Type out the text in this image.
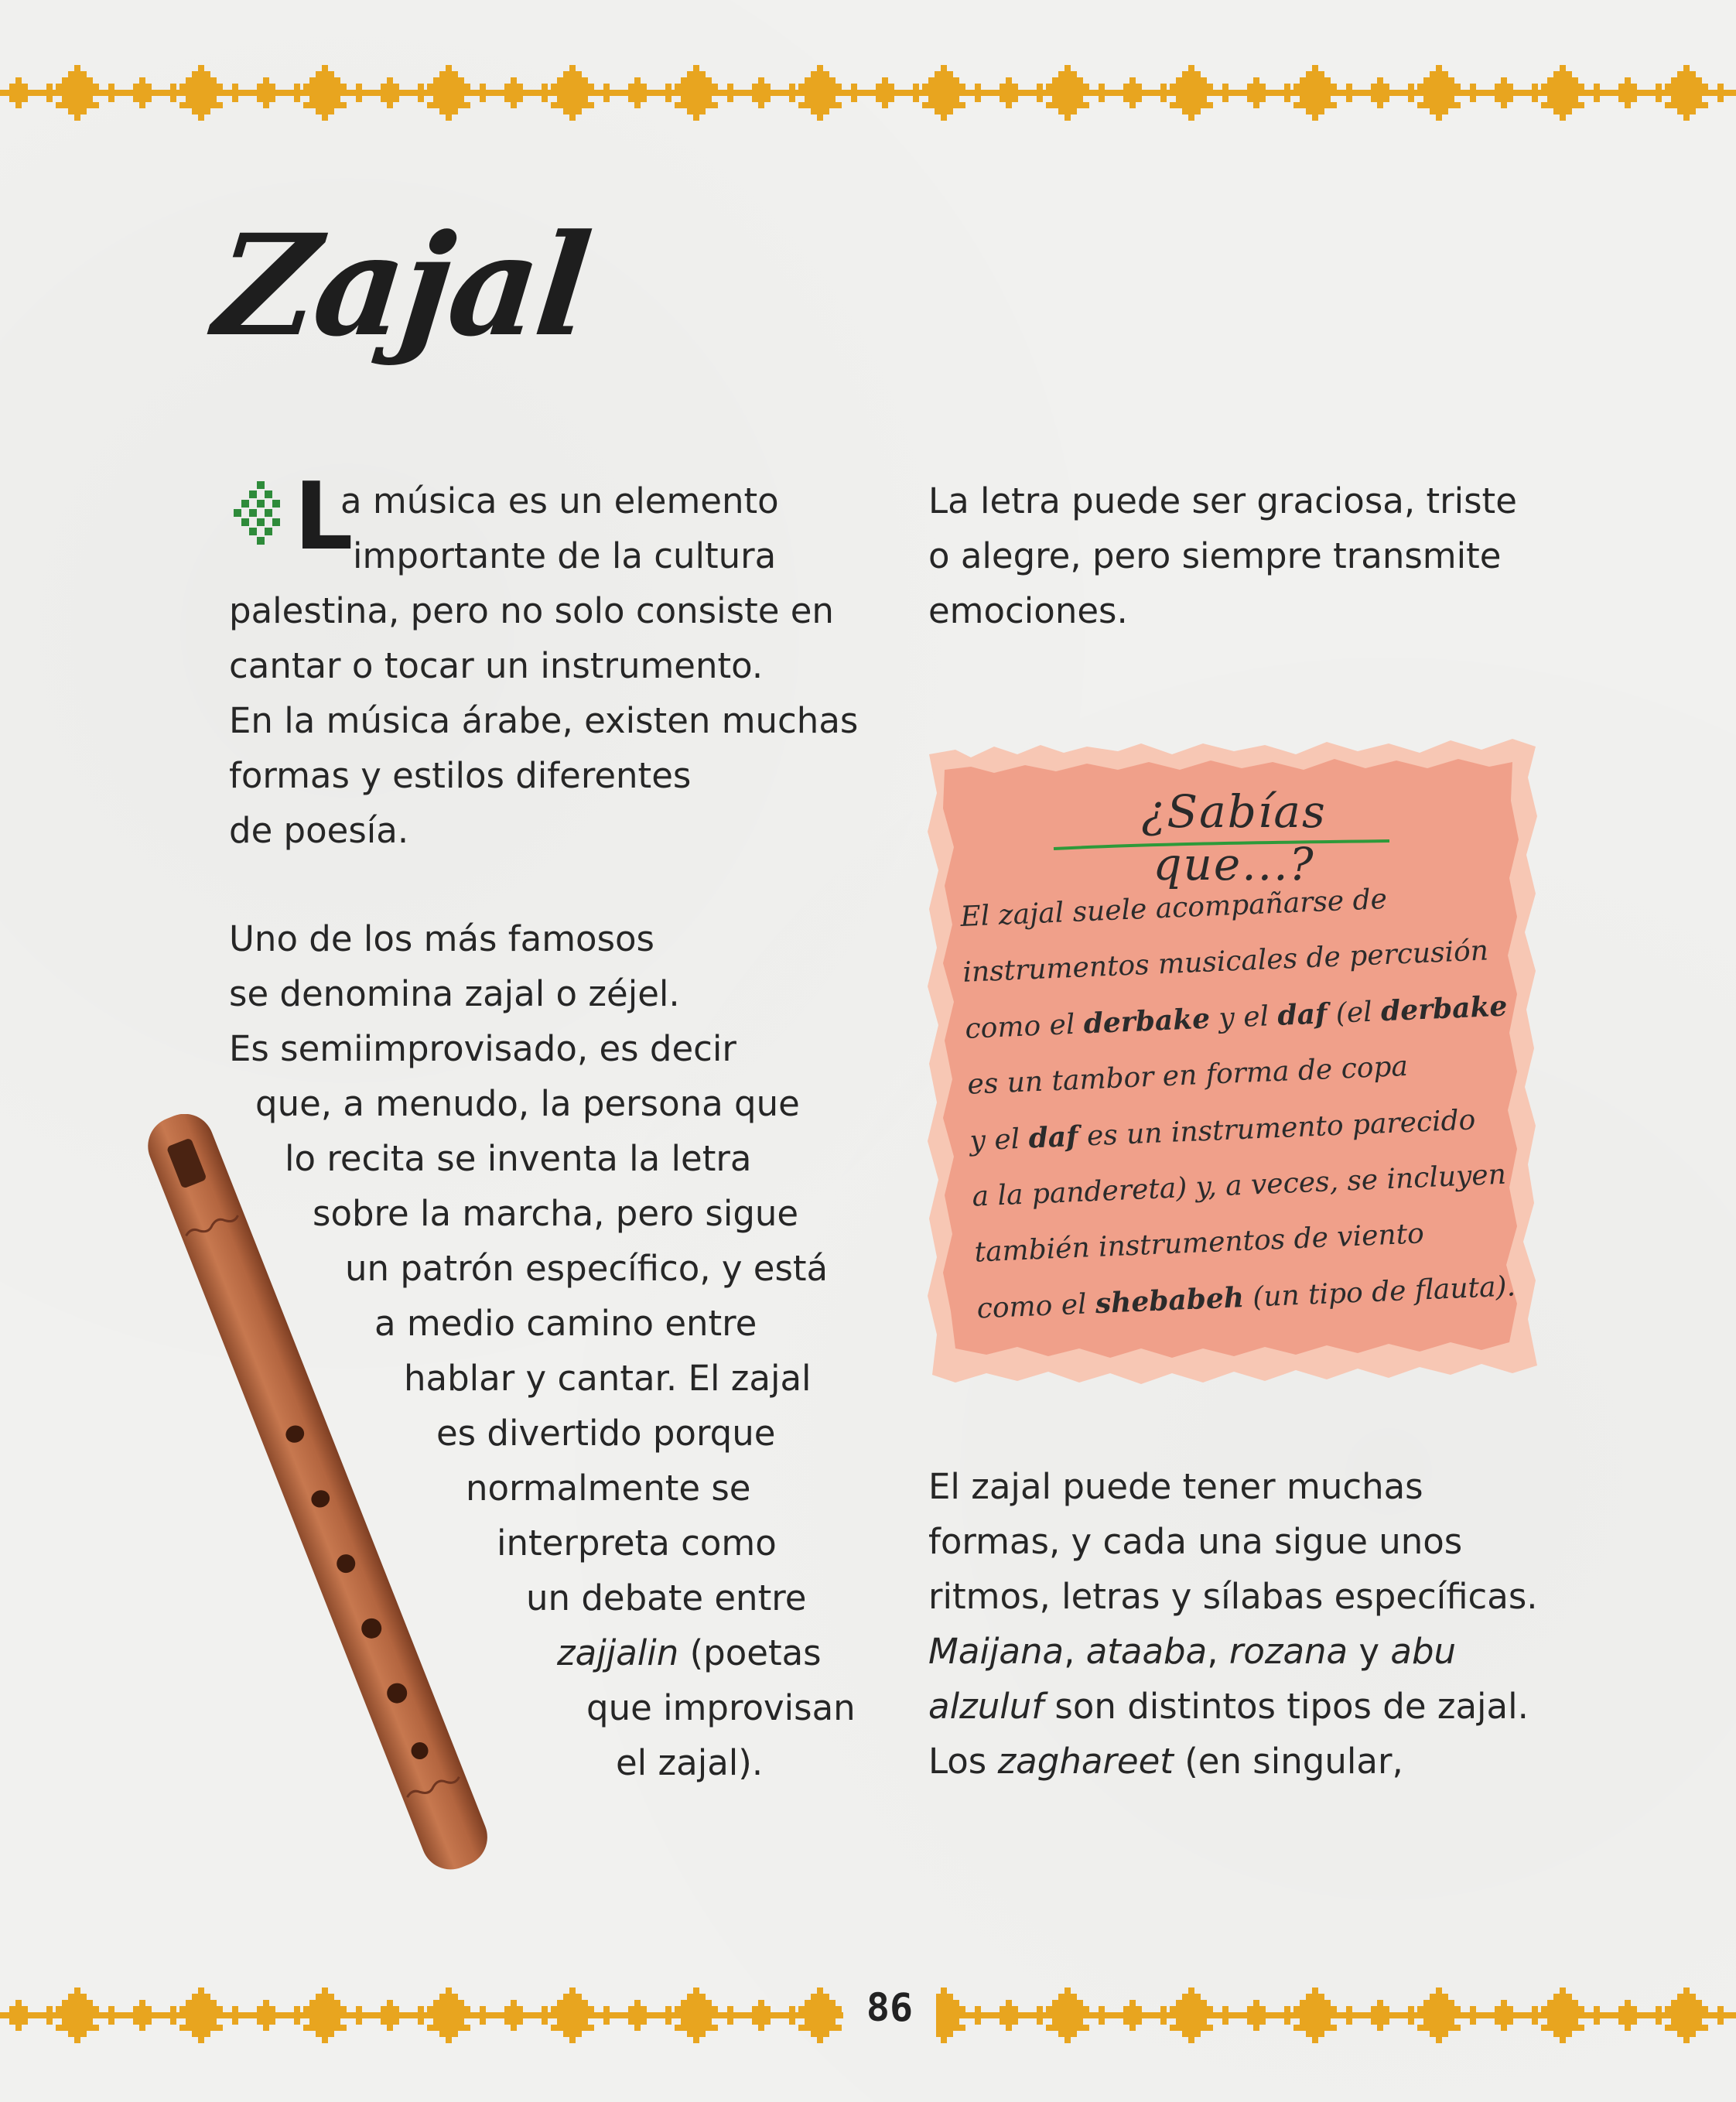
Zajal
L
a música es un elemento
importante de la cultura
palestina, pero no solo consiste en
cantar o tocar un instrumento.
En la música árabe, existen muchas
formas y estilos diferentes
de poesía.
Uno de los más famosos
se denomina zajal o zéjel.
Es semiimprovisado, es decir
que, a menudo, la persona que
lo recita se inventa la letra
sobre la marcha, pero sigue
un patrón específico, y está
a medio camino entre
hablar y cantar. El zajal
es divertido porque
normalmente se
interpreta como
un debate entre
zajjalin (poetas
que improvisan
el zajal).
La letra puede ser graciosa, triste
o alegre, pero siempre transmite
emociones.
¿Sabías que...?
El zajal suele acompañarse de
instrumentos musicales de percusión
como el derbake y el daf (el derbake
es un tambor en forma de copa
y el daf es un instrumento parecido
a la pandereta) y, a veces, se incluyen
también instrumentos de viento
como el shebabeh (un tipo de flauta).
El zajal puede tener muchas
formas, y cada una sigue unos
ritmos, letras y sílabas específicas.
Maijana, ataaba, rozana y abu
alzuluf son distintos tipos de zajal.
Los zaghareet (en singular,
86
